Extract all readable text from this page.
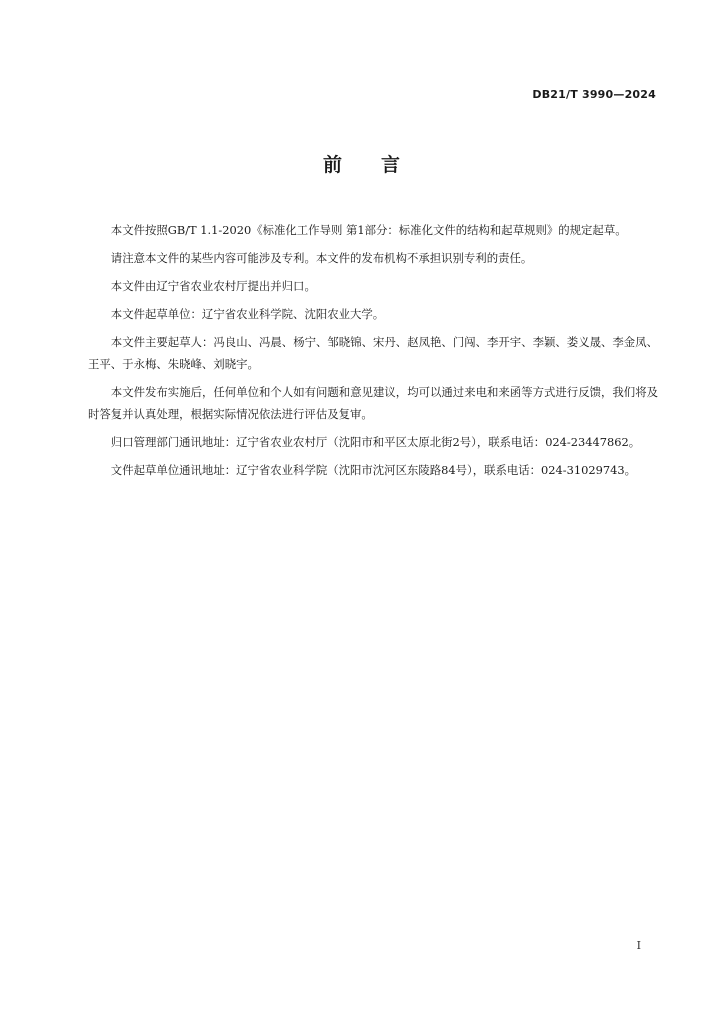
DB21/T 3990—2024
前 言

本文件按照GB/T 1.1-2020《标准化工作导则 第1部分：标准化文件的结构和起草规则》的规定起草。

请注意本文件的某些内容可能涉及专利。本文件的发布机构不承担识别专利的责任。

本文件由辽宁省农业农村厅提出并归口。

本文件起草单位：辽宁省农业科学院、沈阳农业大学。

本文件主要起草人：冯良山、冯晨、杨宁、邹晓锦、宋丹、赵凤艳、门闯、李开宇、李颖、娄义晟、李金凤、王平、于永梅、朱晓峰、刘晓宇。

本文件发布实施后，任何单位和个人如有问题和意见建议，均可以通过来电和来函等方式进行反馈，我们将及时答复并认真处理，根据实际情况依法进行评估及复审。

归口管理部门通讯地址：辽宁省农业农村厅（沈阳市和平区太原北街2号），联系电话：024-23447862。

文件起草单位通讯地址：辽宁省农业科学院（沈阳市沈河区东陵路84号），联系电话：024-31029743。

I
